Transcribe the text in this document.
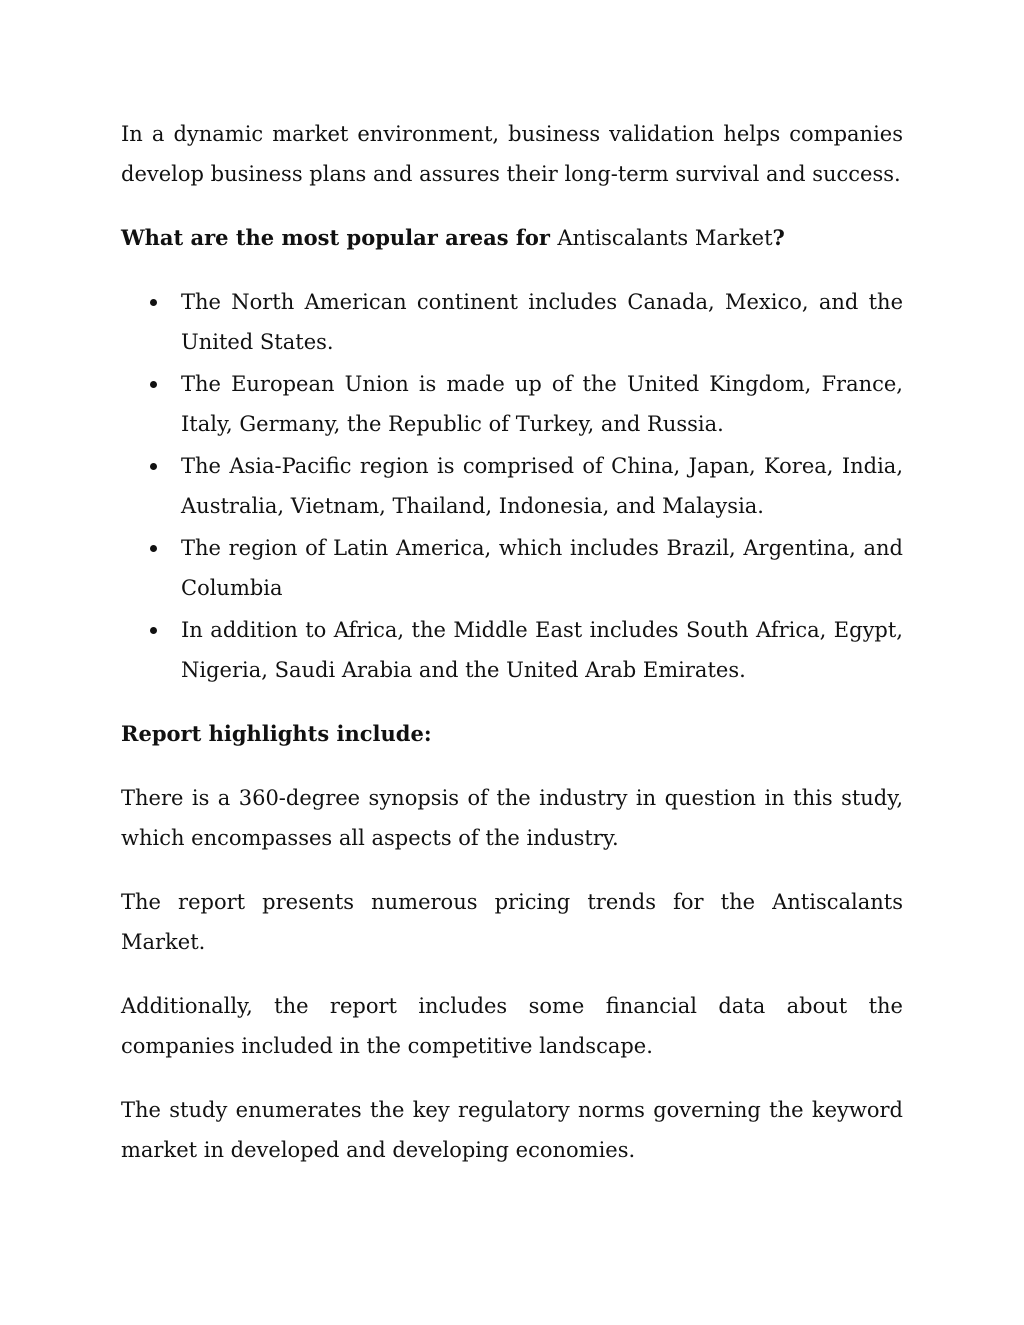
In a dynamic market environment, business validation helps companies develop business plans and assures their long-term survival and success.

What are the most popular areas for Antiscalants Market?

The North American continent includes Canada, Mexico, and the United States.
The European Union is made up of the United Kingdom, France, Italy, Germany, the Republic of Turkey, and Russia.
The Asia-Pacific region is comprised of China, Japan, Korea, India, Australia, Vietnam, Thailand, Indonesia, and Malaysia.
The region of Latin America, which includes Brazil, Argentina, and Columbia
In addition to Africa, the Middle East includes South Africa, Egypt, Nigeria, Saudi Arabia and the United Arab Emirates.

Report highlights include:

There is a 360-degree synopsis of the industry in question in this study, which encompasses all aspects of the industry.

The report presents numerous pricing trends for the Antiscalants Market.

Additionally, the report includes some financial data about the companies included in the competitive landscape.

The study enumerates the key regulatory norms governing the keyword market in developed and developing economies.
